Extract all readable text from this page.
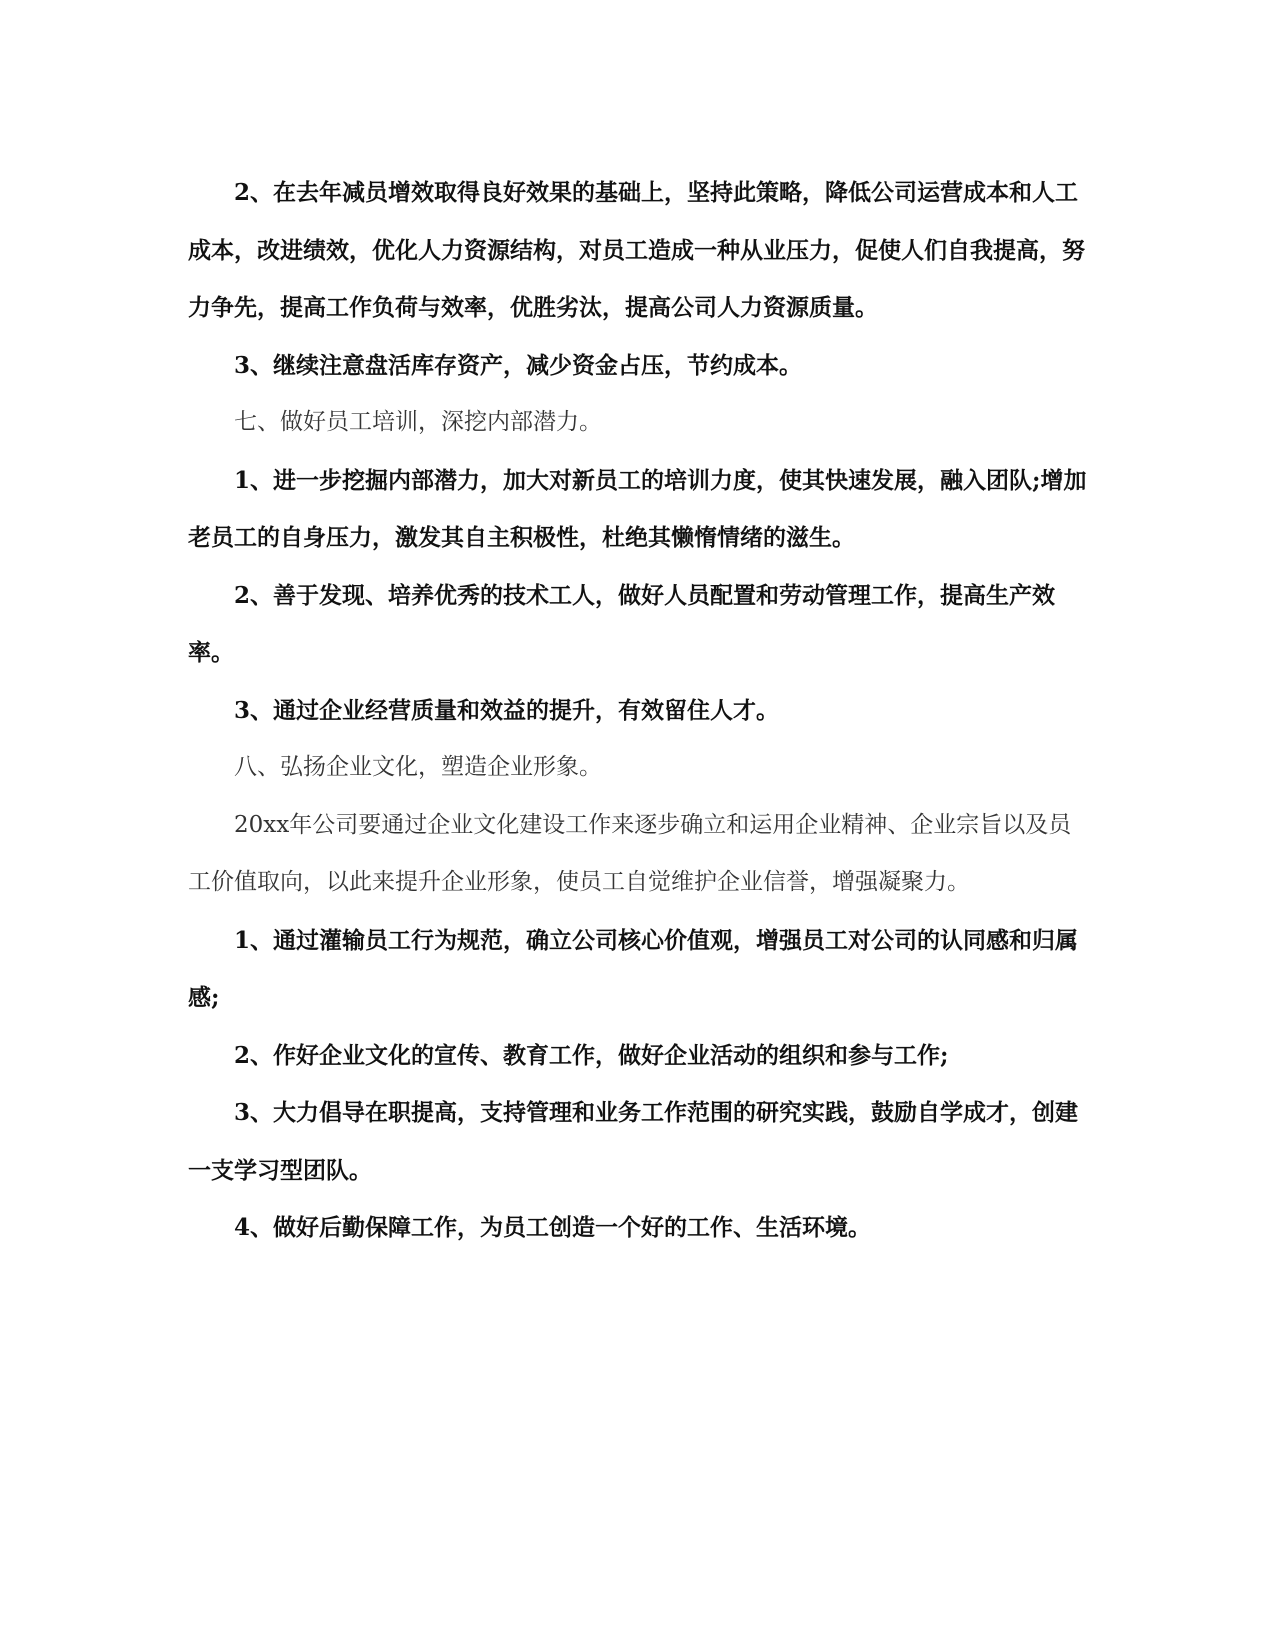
2、在去年减员增效取得良好效果的基础上，坚持此策略，降低公司运营成本和人工成本，改进绩效，优化人力资源结构，对员工造成一种从业压力，促使人们自我提高，努力争先，提高工作负荷与效率，优胜劣汰，提高公司人力资源质量。

3、继续注意盘活库存资产，减少资金占压，节约成本。

七、做好员工培训，深挖内部潜力。

1、进一步挖掘内部潜力，加大对新员工的培训力度，使其快速发展，融入团队;增加老员工的自身压力，激发其自主积极性，杜绝其懒惰情绪的滋生。

2、善于发现、培养优秀的技术工人，做好人员配置和劳动管理工作，提高生产效率。

3、通过企业经营质量和效益的提升，有效留住人才。

八、弘扬企业文化，塑造企业形象。

20xx年公司要通过企业文化建设工作来逐步确立和运用企业精神、企业宗旨以及员工价值取向，以此来提升企业形象，使员工自觉维护企业信誉，增强凝聚力。

1、通过灌输员工行为规范，确立公司核心价值观，增强员工对公司的认同感和归属感;

2、作好企业文化的宣传、教育工作，做好企业活动的组织和参与工作;

3、大力倡导在职提高，支持管理和业务工作范围的研究实践，鼓励自学成才，创建一支学习型团队。

4、做好后勤保障工作，为员工创造一个好的工作、生活环境。
